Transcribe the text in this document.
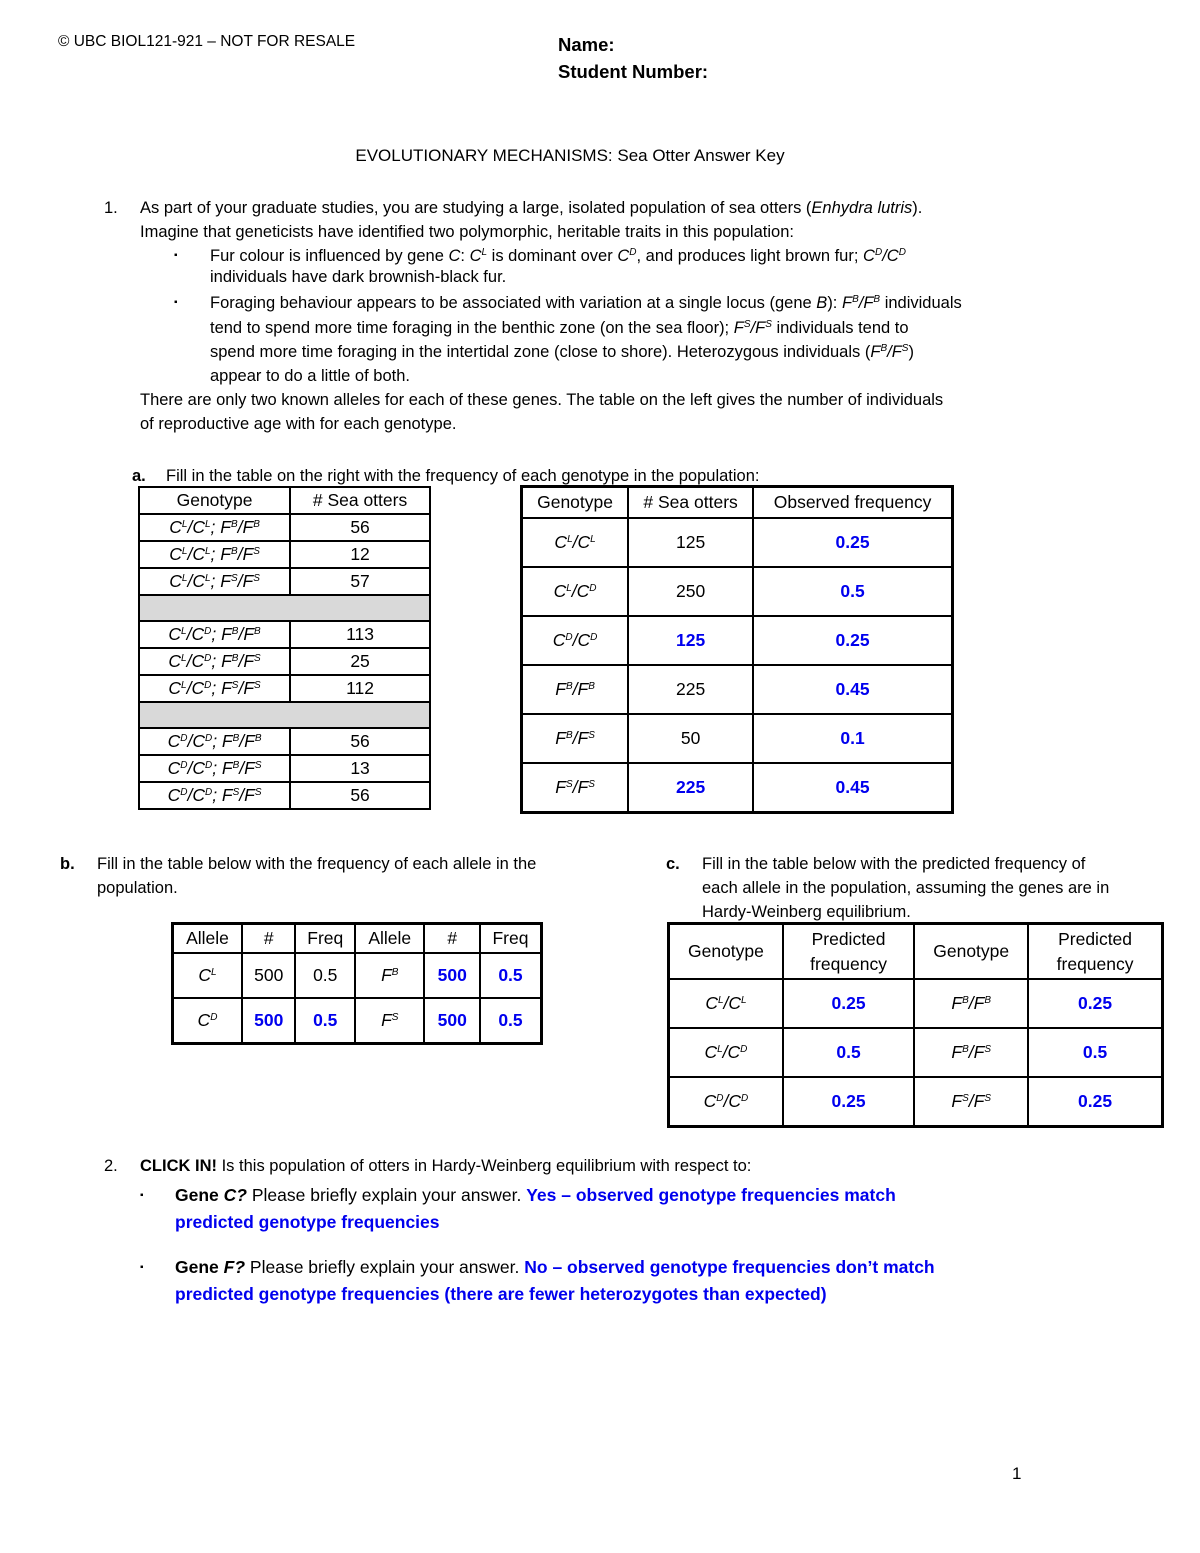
© UBC BIOL121-921 – NOT FOR RESALE	Name:
Student Number:
EVOLUTIONARY MECHANISMS: Sea Otter Answer Key
1. As part of your graduate studies, you are studying a large, isolated population of sea otters (Enhydra lutris).
Imagine that geneticists have identified two polymorphic, heritable traits in this population:
▪ Fur colour is influenced by gene C: $C^L$ is dominant over $C^D$, and produces light brown fur; $C^D/C^D$
individuals have dark brownish-black fur.
▪ Foraging behaviour appears to be associated with variation at a single locus (gene B): $F^B/F^B$ individuals
tend to spend more time foraging in the benthic zone (on the sea floor); $F^S/F^S$ individuals tend to
spend more time foraging in the intertidal zone (close to shore). Heterozygous individuals $(F^B/F^S)$
appear to do a little of both.
There are only two known alleles for each of these genes. The table on the left gives the number of individuals
of reproductive age with for each genotype.
a. Fill in the table on the right with the frequency of each genotype in the population:
Genotype	# Sea otters
$C^L/C^L$; $F^B/F^B$	56
$C^L/C^L$; $F^B/F^S$	12
$C^L/C^L$; $F^S/F^S$	57

$C^L/C^D$; $F^B/F^B$	113
$C^L/C^D$; $F^B/F^S$	25
$C^L/C^D$; $F^S/F^S$	112

$C^D/C^D$; $F^B/F^B$	56
$C^D/C^D$; $F^B/F^S$	13
$C^D/C^D$; $F^S/F^S$	56
Genotype	# Sea otters	Observed frequency
$C^L/C^L$	125	0.25
$C^L/C^D$	250	0.5
$C^D/C^D$	125	0.25
$F^B/F^B$	225	0.45
$F^B/F^S$	50	0.1
$F^S/F^S$	225	0.45
b. Fill in the table below with the frequency of each allele in the
population.
Allele	#	Freq	Allele	#	Freq
$C^L$	500	0.5	$F^B$	500	0.5
$C^D$	500	0.5	$F^S$	500	0.5
c. Fill in the table below with the predicted frequency of
each allele in the population, assuming the genes are in
Hardy-Weinberg equilibrium.
Genotype	Predicted frequency	Genotype	Predicted frequency
$C^L/C^L$	0.25	$F^B/F^B$	0.25
$C^L/C^D$	0.5	$F^B/F^S$	0.5
$C^D/C^D$	0.25	$F^S/F^S$	0.25
2. CLICK IN! Is this population of otters in Hardy-Weinberg equilibrium with respect to:
▪ Gene C? Please briefly explain your answer. Yes – observed genotype frequencies match
predicted genotype frequencies
▪ Gene F? Please briefly explain your answer. No – observed genotype frequencies don’t match
predicted genotype frequencies (there are fewer heterozygotes than expected)
1
